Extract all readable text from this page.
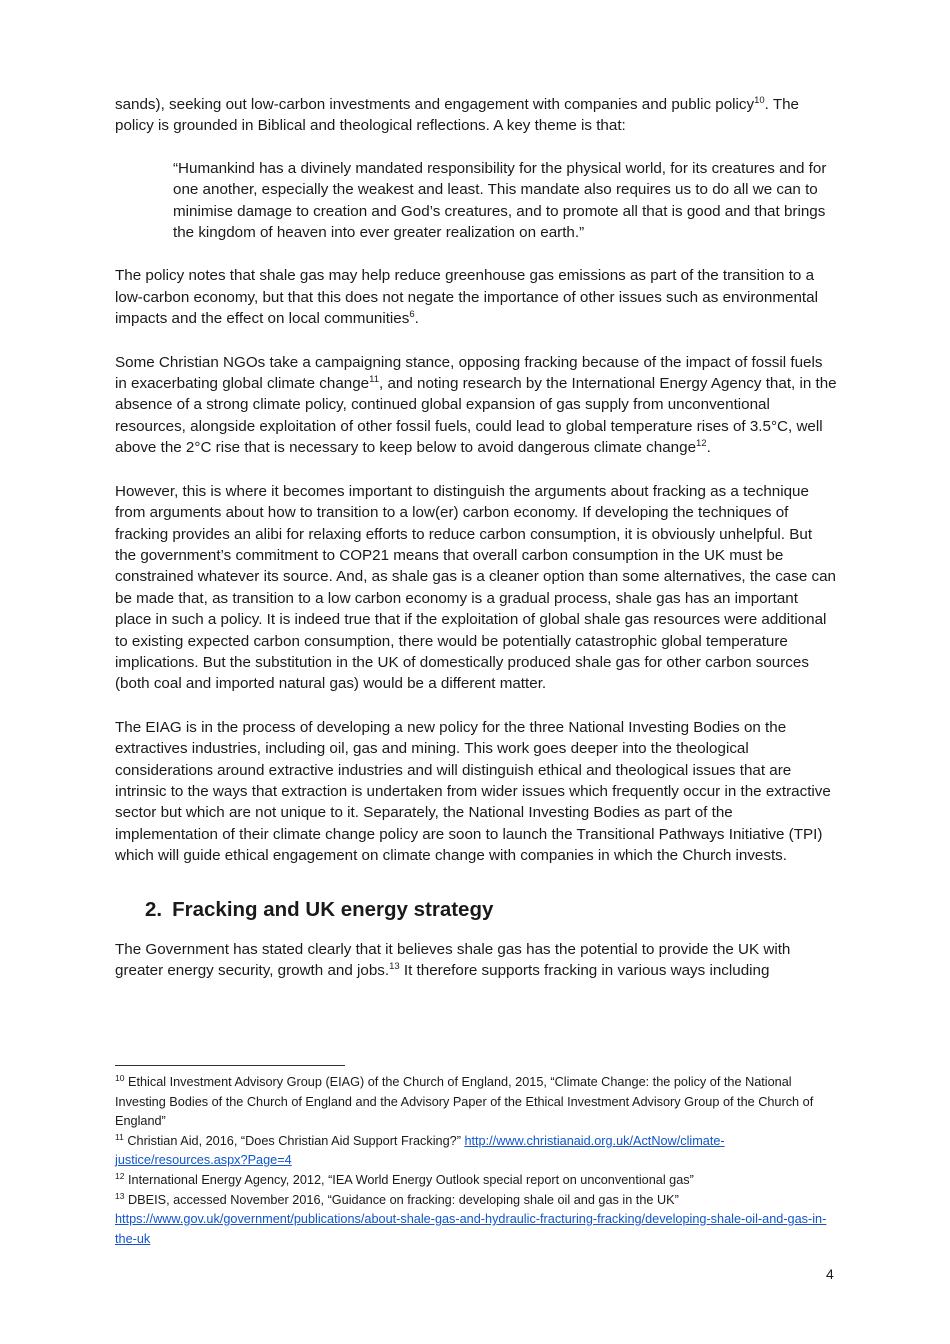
sands), seeking out low-carbon investments and engagement with companies and public policy$^{10}$. The policy is grounded in Biblical and theological reflections. A key theme is that:

“Humankind has a divinely mandated responsibility for the physical world, for its creatures and for one another, especially the weakest and least. This mandate also requires us to do all we can to minimise damage to creation and God’s creatures, and to promote all that is good and that brings the kingdom of heaven into ever greater realization on earth.”

The policy notes that shale gas may help reduce greenhouse gas emissions as part of the transition to a low-carbon economy, but that this does not negate the importance of other issues such as environmental impacts and the effect on local communities$^6$.

Some Christian NGOs take a campaigning stance, opposing fracking because of the impact of fossil fuels in exacerbating global climate change$^{11}$, and noting research by the International Energy Agency that, in the absence of a strong climate policy, continued global expansion of gas supply from unconventional resources, alongside exploitation of other fossil fuels, could lead to global temperature rises of 3.5°C, well above the 2°C rise that is necessary to keep below to avoid dangerous climate change$^{12}$.

However, this is where it becomes important to distinguish the arguments about fracking as a technique from arguments about how to transition to a low(er) carbon economy. If developing the techniques of fracking provides an alibi for relaxing efforts to reduce carbon consumption, it is obviously unhelpful. But the government’s commitment to COP21 means that overall carbon consumption in the UK must be constrained whatever its source. And, as shale gas is a cleaner option than some alternatives, the case can be made that, as transition to a low carbon economy is a gradual process, shale gas has an important place in such a policy. It is indeed true that if the exploitation of global shale gas resources were additional to existing expected carbon consumption, there would be potentially catastrophic global temperature implications. But the substitution in the UK of domestically produced shale gas for other carbon sources (both coal and imported natural gas) would be a different matter.

The EIAG is in the process of developing a new policy for the three National Investing Bodies on the extractives industries, including oil, gas and mining. This work goes deeper into the theological considerations around extractive industries and will distinguish ethical and theological issues that are intrinsic to the ways that extraction is undertaken from wider issues which frequently occur in the extractive sector but which are not unique to it. Separately, the National Investing Bodies as part of the implementation of their climate change policy are soon to launch the Transitional Pathways Initiative (TPI) which will guide ethical engagement on climate change with companies in which the Church invests.

2. Fracking and UK energy strategy

The Government has stated clearly that it believes shale gas has the potential to provide the UK with greater energy security, growth and jobs.$^{13}$ It therefore supports fracking in various ways including

$^{10}$ Ethical Investment Advisory Group (EIAG) of the Church of England, 2015, “Climate Change: the policy of the National Investing Bodies of the Church of England and the Advisory Paper of the Ethical Investment Advisory Group of the Church of England”
$^{11}$ Christian Aid, 2016, “Does Christian Aid Support Fracking?” http://www.christianaid.org.uk/ActNow/climate-justice/resources.aspx?Page=4
$^{12}$ International Energy Agency, 2012, “IEA World Energy Outlook special report on unconventional gas”
$^{13}$ DBEIS, accessed November 2016, “Guidance on fracking: developing shale oil and gas in the UK” https://www.gov.uk/government/publications/about-shale-gas-and-hydraulic-fracturing-fracking/developing-shale-oil-and-gas-in-the-uk
4
